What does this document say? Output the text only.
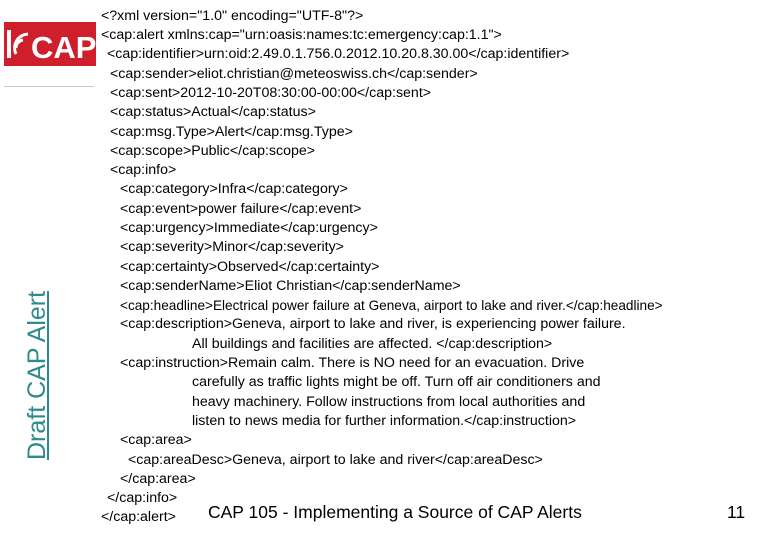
CAP
Draft CAP Alert

<?xml version="1.0" encoding="UTF-8"?>

<cap:alert xmlns:cap="urn:oasis:names:tc:emergency:cap:1.1">

<cap:identifier>urn:oid:2.49.0.1.756.0.2012.10.20.8.30.00</cap:identifier>

<cap:sender>eliot.christian@meteoswiss.ch</cap:sender>

<cap:sent>2012-10-20T08:30:00-00:00</cap:sent>

<cap:status>Actual</cap:status>

<cap:msg.Type>Alert</cap:msg.Type>

<cap:scope>Public</cap:scope>

<cap:info>

<cap:category>Infra</cap:category>

<cap:event>power failure</cap:event>

<cap:urgency>Immediate</cap:urgency>

<cap:severity>Minor</cap:severity>

<cap:certainty>Observed</cap:certainty>

<cap:senderName>Eliot Christian</cap:senderName>

<cap:headline>Electrical power failure at Geneva, airport to lake and river.</cap:headline>

<cap:description>Geneva, airport to lake and river, is experiencing power failure.

All buildings and facilities are affected. </cap:description>

<cap:instruction>Remain calm. There is NO need for an evacuation. Drive

carefully as traffic lights might be off. Turn off air conditioners and

heavy machinery. Follow instructions from local authorities and

listen to news media for further information.</cap:instruction>

<cap:area>

<cap:areaDesc>Geneva, airport to lake and river</cap:areaDesc>

</cap:area>

</cap:info>

</cap:alert> CAP 105 - Implementing a Source of CAP Alerts	11
